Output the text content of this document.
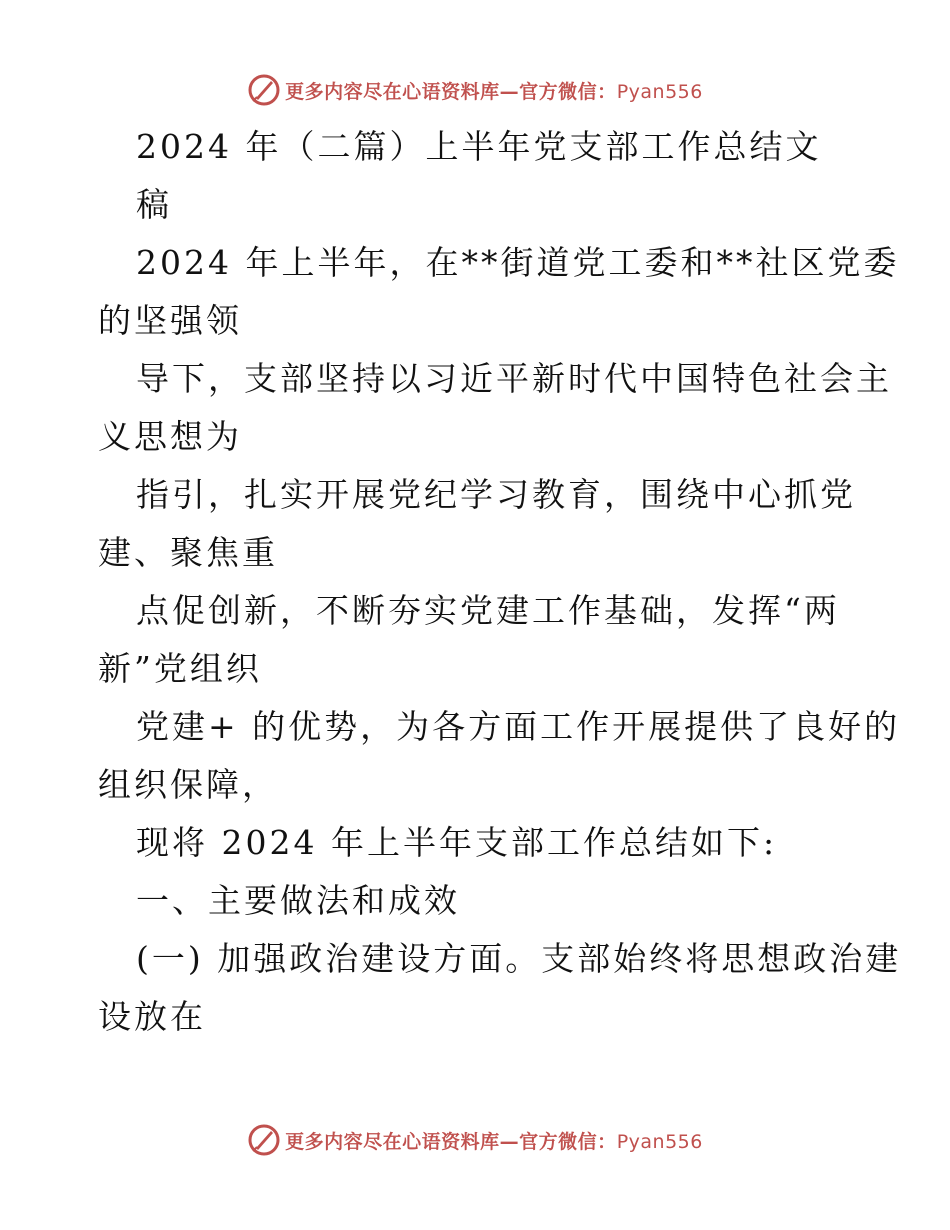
更多内容尽在心语资料库—官方微信：Pyan556
2024 年（二篇）上半年党支部工作总结文
稿
2024 年上半年，在**街道党工委和**社区党委
的坚强领
导下，支部坚持以习近平新时代中国特色社会主
义思想为
指引，扎实开展党纪学习教育，围绕中心抓党
建、聚焦重
点促创新，不断夯实党建工作基础，发挥“两
新”党组织
党建+ 的优势，为各方面工作开展提供了良好的
组织保障，
现将 2024 年上半年支部工作总结如下:
一、主要做法和成效
(一) 加强政治建设方面。支部始终将思想政治建
设放在
更多内容尽在心语资料库—官方微信：Pyan556
